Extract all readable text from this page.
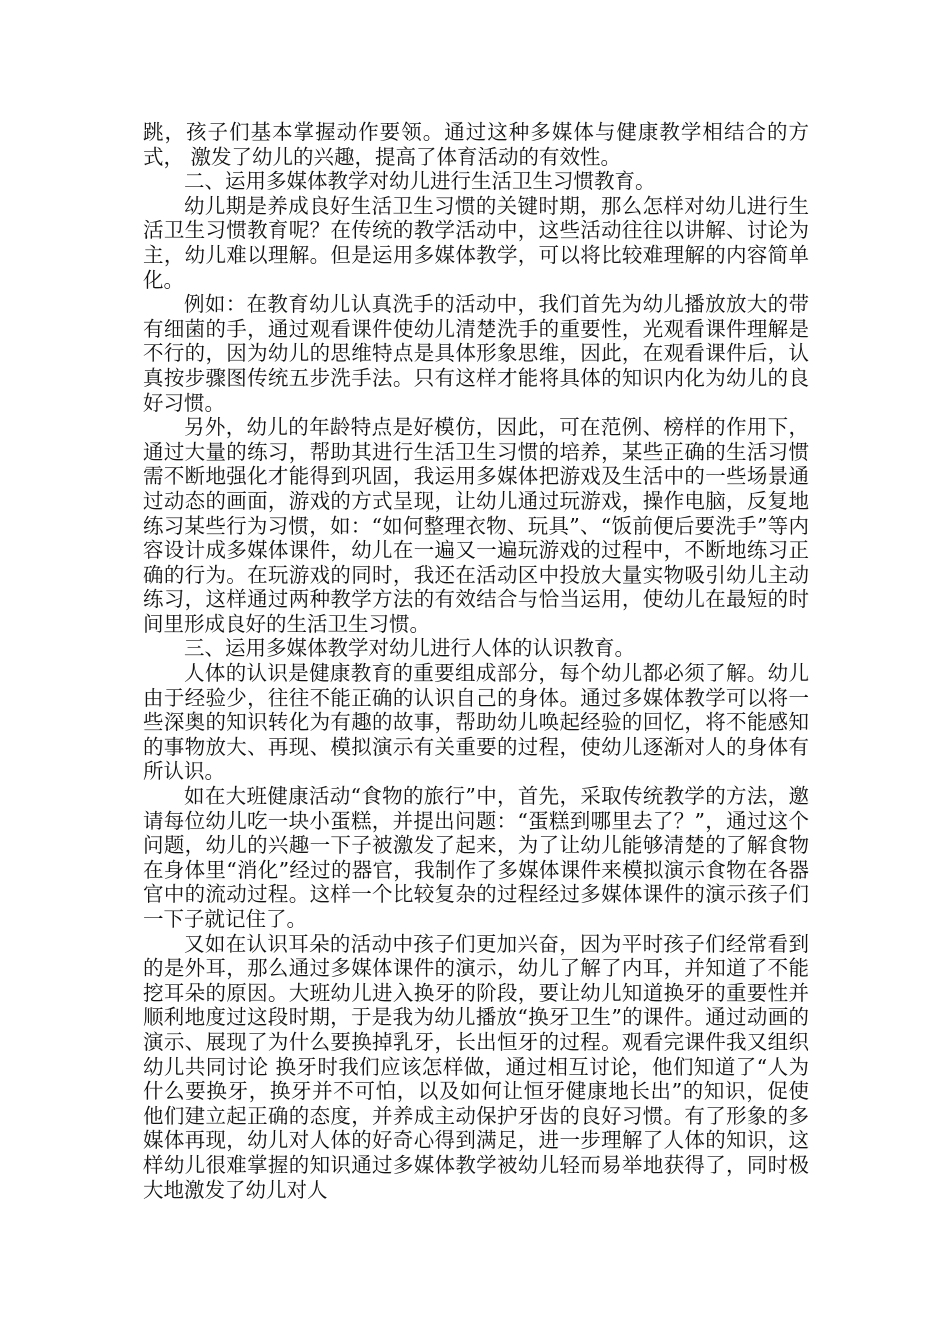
跳，孩子们基本掌握动作要领。通过这种多媒体与健康教学相结合的方式， 激发了幼儿的兴趣，提高了体育活动的有效性。

二、运用多媒体教学对幼儿进行生活卫生习惯教育。

幼儿期是养成良好生活卫生习惯的关键时期，那么怎样对幼儿进行生活卫生习惯教育呢？在传统的教学活动中，这些活动往往以讲解、讨论为主，幼儿难以理解。但是运用多媒体教学，可以将比较难理解的内容简单化。

例如：在教育幼儿认真洗手的活动中，我们首先为幼儿播放放大的带有细菌的手，通过观看课件使幼儿清楚洗手的重要性，光观看课件理解是不行的，因为幼儿的思维特点是具体形象思维，因此，在观看课件后，认真按步骤图传统五步洗手法。只有这样才能将具体的知识内化为幼儿的良好习惯。

另外，幼儿的年龄特点是好模仿，因此，可在范例、榜样的作用下，通过大量的练习，帮助其进行生活卫生习惯的培养，某些正确的生活习惯需不断地强化才能得到巩固，我运用多媒体把游戏及生活中的一些场景通过动态的画面，游戏的方式呈现，让幼儿通过玩游戏，操作电脑，反复地练习某些行为习惯，如：“如何整理衣物、玩具”、“饭前便后要洗手”等内容设计成多媒体课件，幼儿在一遍又一遍玩游戏的过程中，不断地练习正确的行为。在玩游戏的同时，我还在活动区中投放大量实物吸引幼儿主动练习，这样通过两种教学方法的有效结合与恰当运用，使幼儿在最短的时间里形成良好的生活卫生习惯。

三、运用多媒体教学对幼儿进行人体的认识教育。

人体的认识是健康教育的重要组成部分，每个幼儿都必须了解。幼儿由于经验少，往往不能正确的认识自己的身体。通过多媒体教学可以将一些深奥的知识转化为有趣的故事，帮助幼儿唤起经验的回忆，将不能感知的事物放大、再现、模拟演示有关重要的过程，使幼儿逐渐对人的身体有所认识。

如在大班健康活动“食物的旅行”中，首先，采取传统教学的方法，邀请每位幼儿吃一块小蛋糕，并提出问题：“蛋糕到哪里去了？”，通过这个问题，幼儿的兴趣一下子被激发了起来，为了让幼儿能够清楚的了解食物在身体里“消化”经过的器官，我制作了多媒体课件来模拟演示食物在各器官中的流动过程。这样一个比较复杂的过程经过多媒体课件的演示孩子们一下子就记住了。

又如在认识耳朵的活动中孩子们更加兴奋，因为平时孩子们经常看到的是外耳，那么通过多媒体课件的演示，幼儿了解了内耳，并知道了不能挖耳朵的原因。大班幼儿进入换牙的阶段，要让幼儿知道换牙的重要性并顺利地度过这段时期，于是我为幼儿播放“换牙卫生”的课件。通过动画的演示、展现了为什么要换掉乳牙，长出恒牙的过程。观看完课件我又组织幼儿共同讨论 换牙时我们应该怎样做，通过相互讨论，他们知道了“人为什么要换牙，换牙并不可怕，以及如何让恒牙健康地长出”的知识，促使他们建立起正确的态度，并养成主动保护牙齿的良好习惯。有了形象的多媒体再现，幼儿对人体的好奇心得到满足，进一步理解了人体的知识，这样幼儿很难掌握的知识通过多媒体教学被幼儿轻而易举地获得了，同时极大地激发了幼儿对人
